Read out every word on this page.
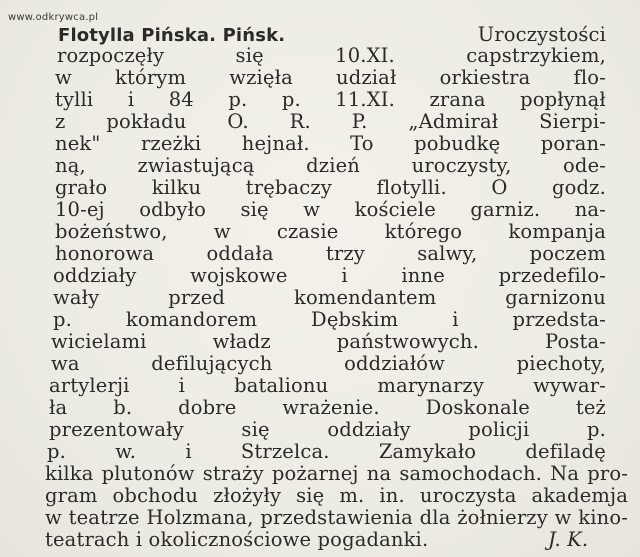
www.odkrywca.pl
Flotylla Pińska. Pińsk.	Uroczystości
rozpoczęły	się	10.XI.	capstrzykiem,
w którym wzięła udział orkiestra flo-
tylli i 84 p. p. 11.XI. zrana popłynął
z pokładu O. R. P. „Admirał Sierpi-
nek" rzeżki hejnał. To pobudkę poran-
ną,	zwiastującą	dzień	uroczysty,	ode-
grało kilku trębaczy flotylli. O godz.
10-ej odbyło się w kościele garniz. na-
bożeństwo, w czasie którego kompanja
honorowa	oddała	trzy	salwy,	poczem
oddziały	wojskowe	i	inne	przedefilo-
wały	przed	komendantem	garnizonu
p.	komandorem	Dębskim	i	przedsta-
wicielami	władz	państwowych.	Posta-
wa	defilujących	oddziałów	piechoty,
artylerji	i	batalionu	marynarzy	wywar-
ła b. dobre wrażenie. Doskonale też
prezentowały	się	oddziały	policji	p.
p.	w.	i	Strzelca.	Zamykało	defiladę
kilka plutonów straży pożarnej na samochodach. Na pro-
gram obchodu złożyły się m. in. uroczysta akademja
w teatrze Holzmana, przedstawienia dla żołnierzy w kino-
teatrach i okolicznościowe pogadanki.	J. K.
